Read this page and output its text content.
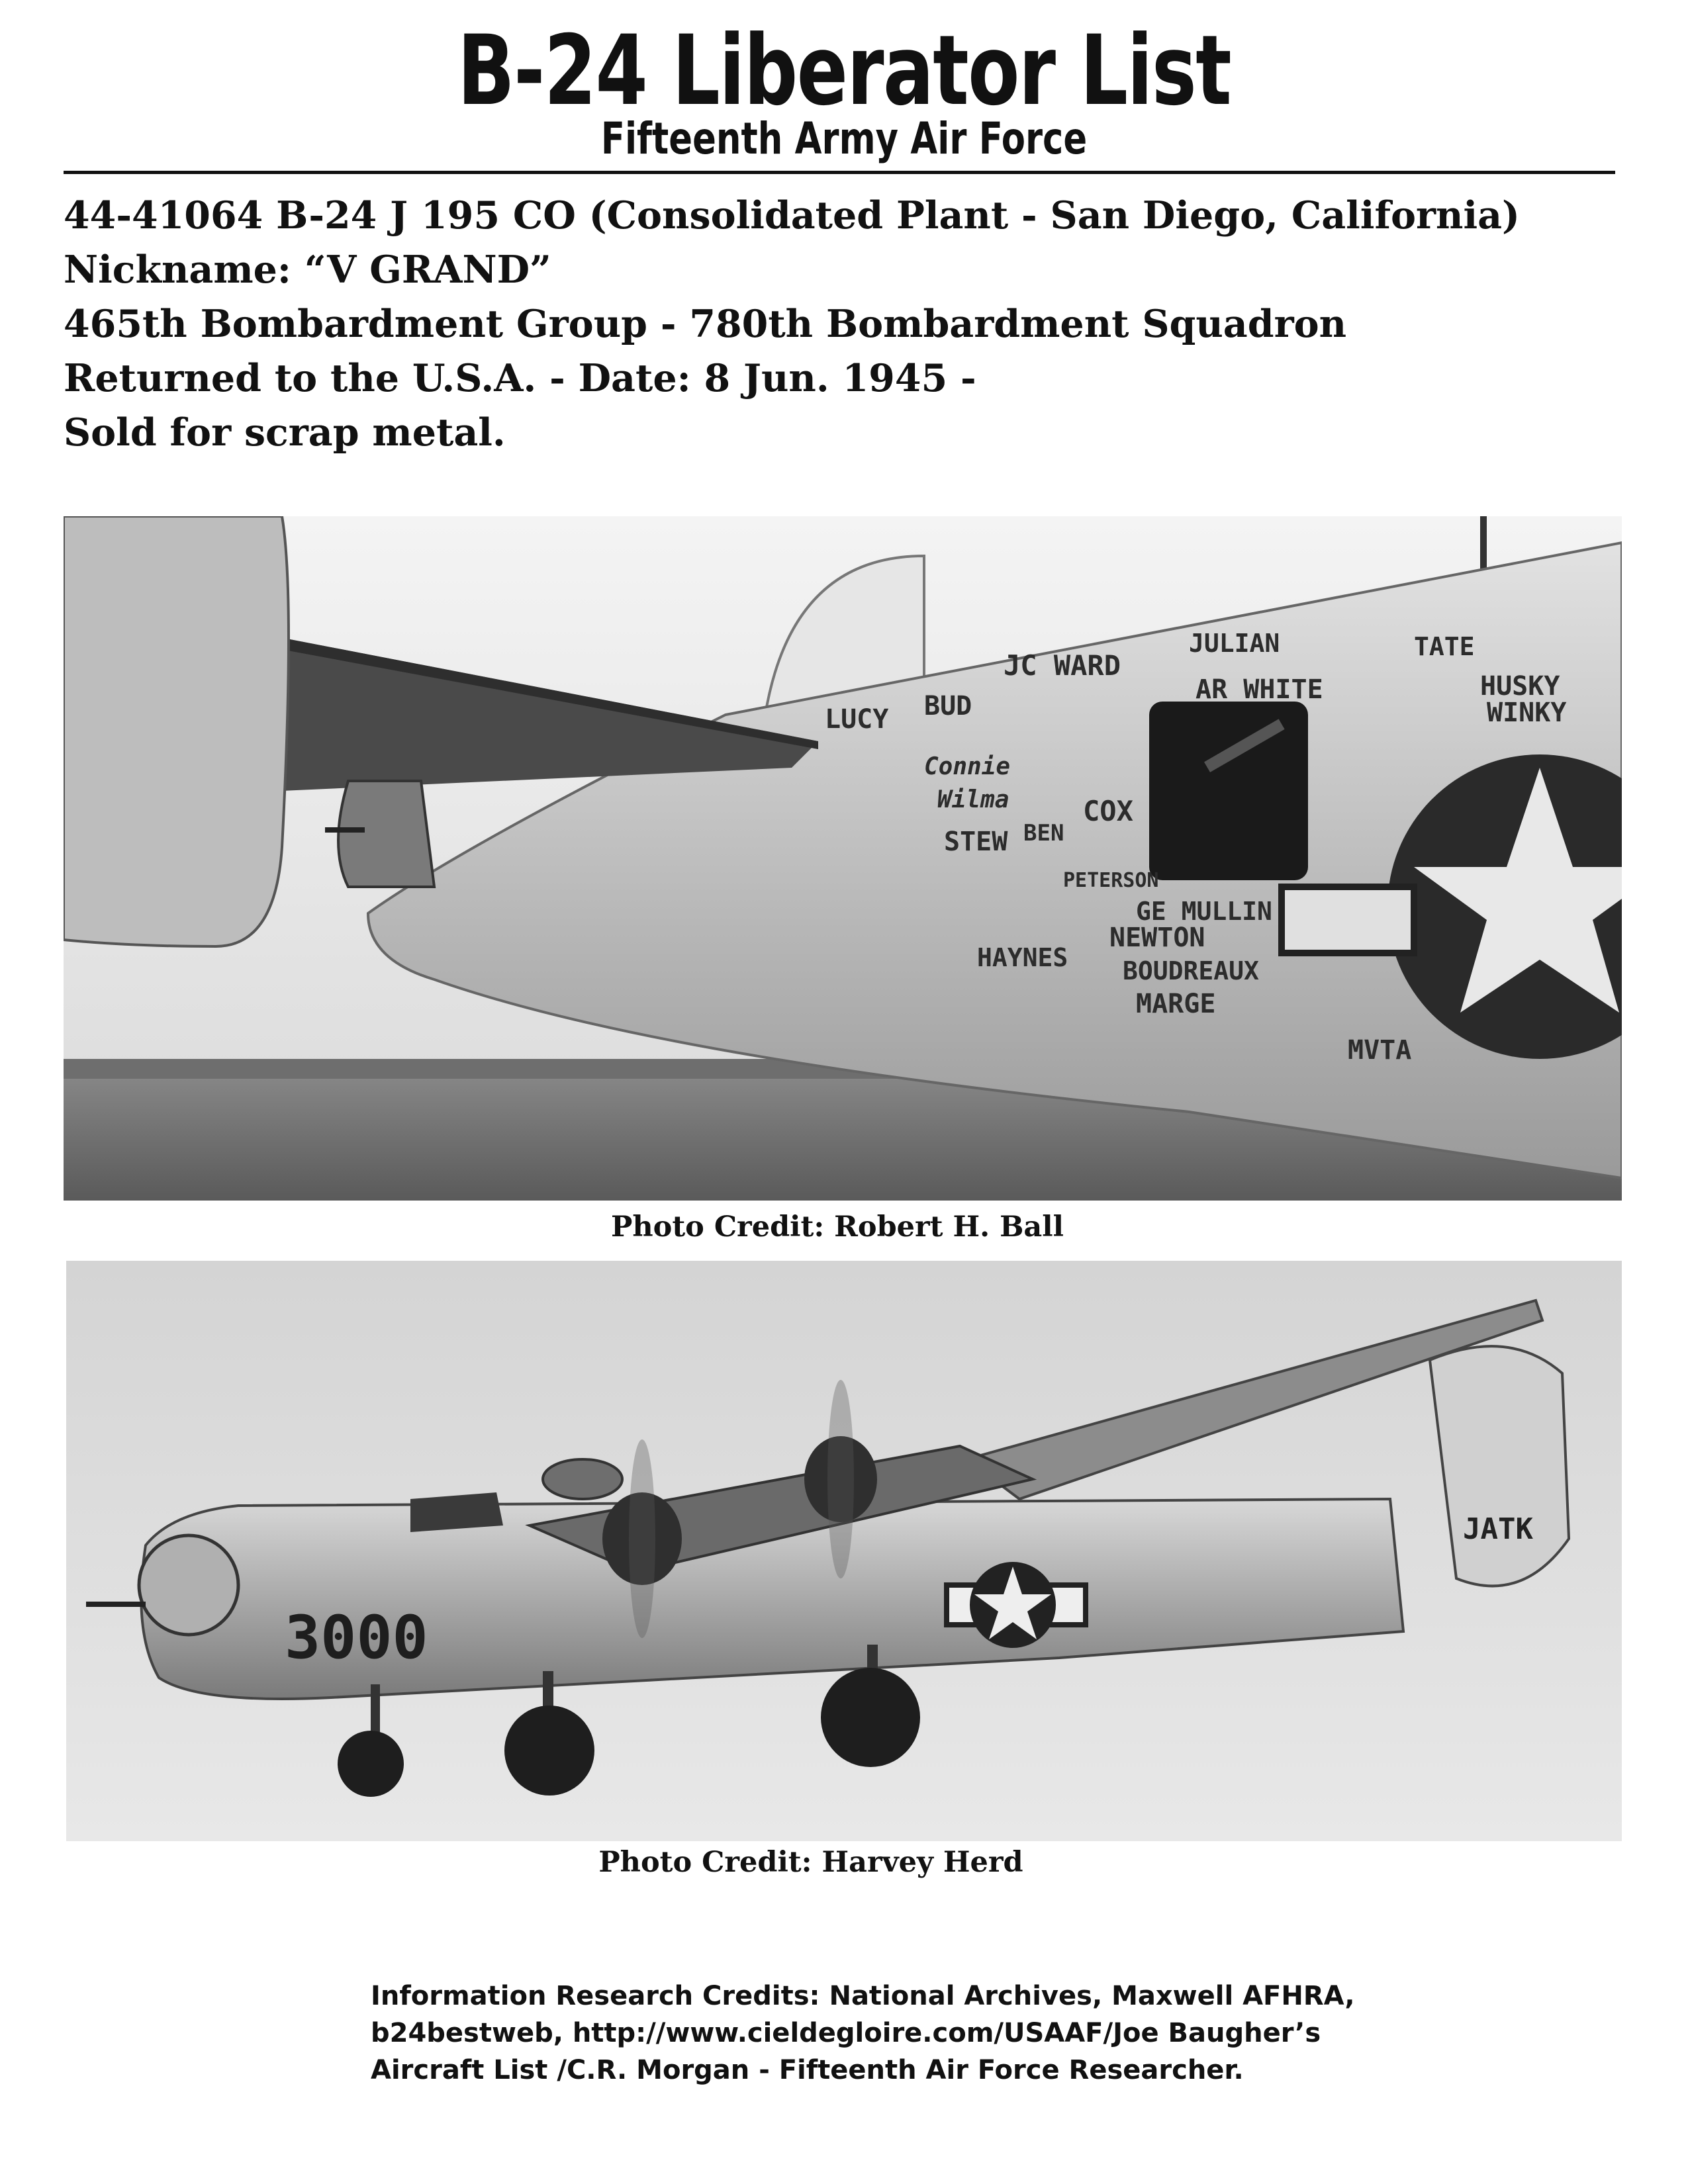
B-24 Liberator List
Fifteenth Army Air Force
44-41064 B-24 J 195 CO (Consolidated Plant - San Diego, California)
Nickname: “V GRAND”
465th Bombardment Group - 780th Bombardment Squadron
Returned to the U.S.A. - Date: 8 Jun. 1945 -
Sold for scrap metal.
JC WARD
JULIAN
AR WHITE
TATE
HUSKY
WINKY
LUCY BUD
Connie
Wilma	COX
STEW BEN
PETERSON
GE MULLIN
NEWTON
BOUDREAUX
HAYNES
MARGE
MVTA
Photo Credit: Robert H. Ball
JATK
3000
Photo Credit: Harvey Herd
Information Research Credits: National Archives, Maxwell AFHRA,
b24bestweb, http://www.cieldegloire.com/USAAF/Joe Baugher’s
Aircraft List /C.R. Morgan - Fifteenth Air Force Researcher.
